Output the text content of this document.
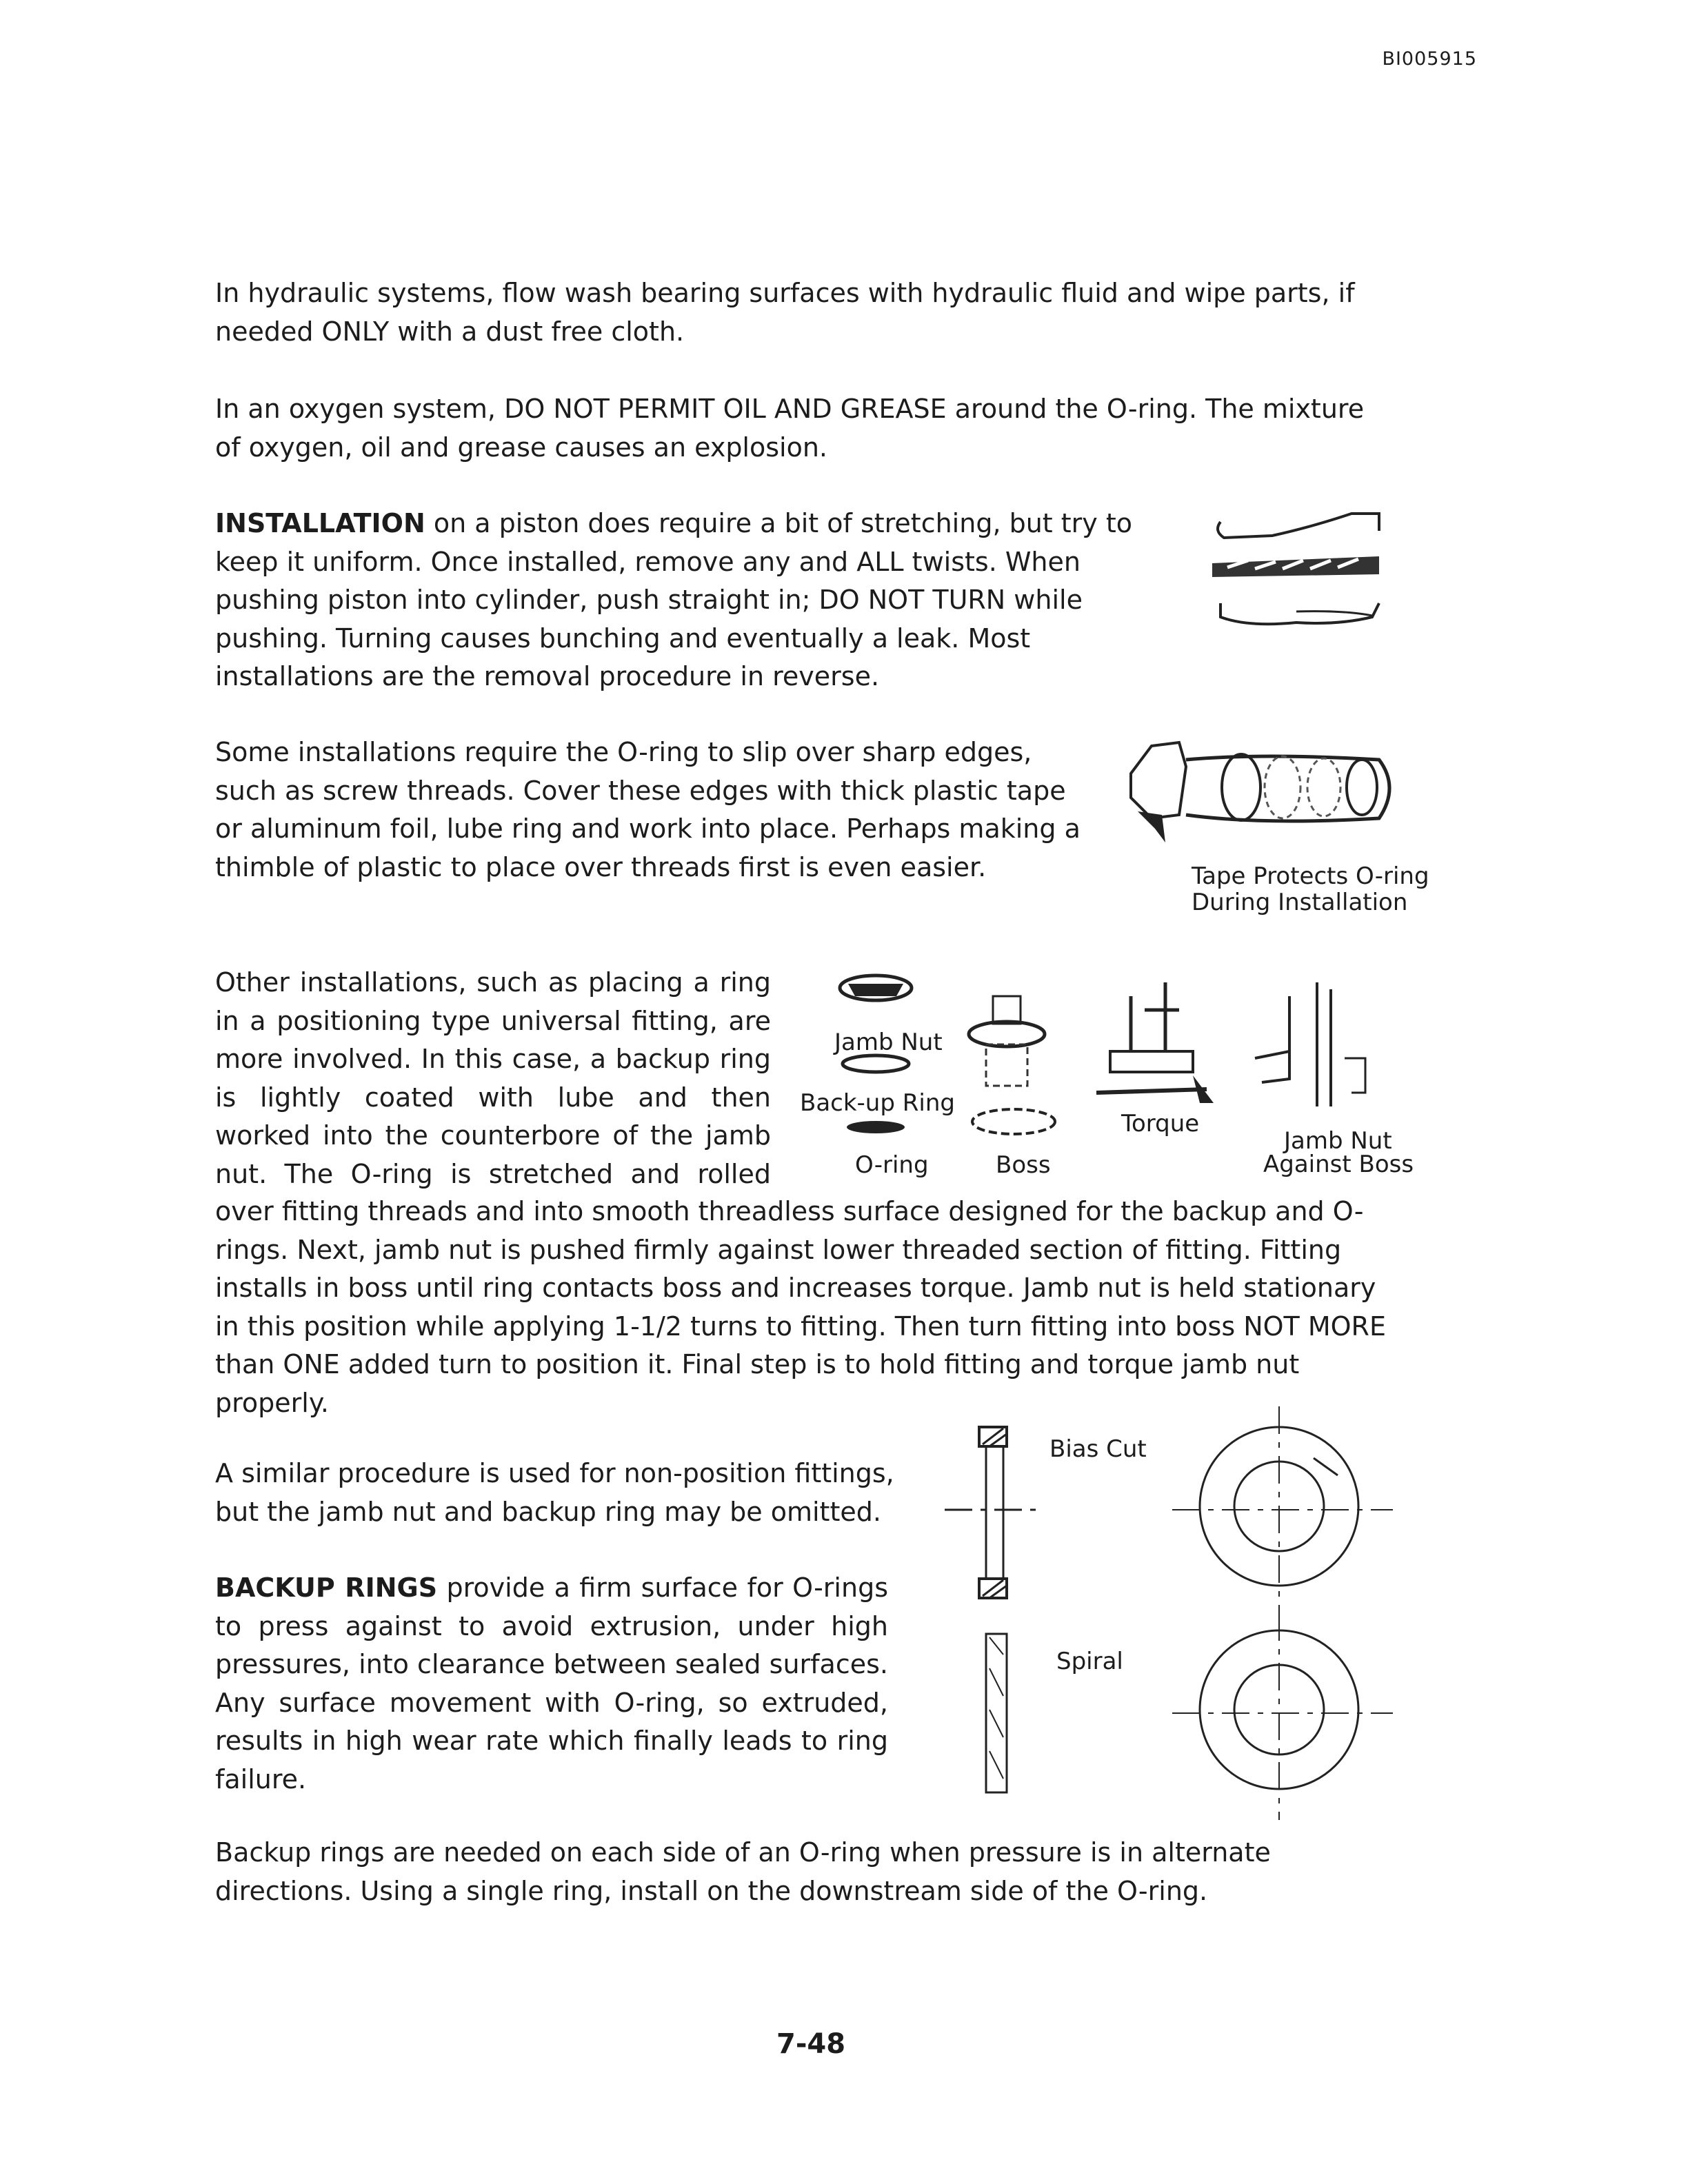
BI005915

In hydraulic systems, flow wash bearing surfaces with hydraulic fluid and wipe parts, if needed ONLY with a dust free cloth.

In an oxygen system, DO NOT PERMIT OIL AND GREASE around the O-ring. The mixture of oxygen, oil and grease causes an explosion.

INSTALLATION on a piston does require a bit of stretching, but try to keep it uniform. Once installed, remove any and ALL twists. When pushing piston into cylinder, push straight in; DO NOT TURN while pushing. Turning causes bunching and eventually a leak. Most installations are the removal procedure in reverse.

Some installations require the O-ring to slip over sharp edges, such as screw threads. Cover these edges with thick plastic tape or aluminum foil, lube ring and work into place. Perhaps making a thimble of plastic to place over threads first is even easier.	Tape Protects O-ring
During Installation

Other installations, such as placing a ring in a positioning type universal fitting, are more involved. In this case, a backup ring is lightly coated with lube and then worked into the counterbore of the jamb nut. The O-ring is stretched and rolled

Jamb Nut
Back-up Ring
O-ring	Boss
Torque
Jamb Nut
Against Boss

over fitting threads and into smooth threadless surface designed for the backup and O-rings. Next, jamb nut is pushed firmly against lower threaded section of fitting. Fitting installs in boss until ring contacts boss and increases torque. Jamb nut is held stationary in this position while applying 1-1/2 turns to fitting. Then turn fitting into boss NOT MORE than ONE added turn to position it. Final step is to hold fitting and torque jamb nut properly.

A similar procedure is used for non-position fittings, but the jamb nut and backup ring may be omitted.

BACKUP RINGS provide a firm surface for O-rings to press against to avoid extrusion, under high pressures, into clearance between sealed surfaces. Any surface movement with O-ring, so extruded, results in high wear rate which finally leads to ring failure.

Bias Cut
Spiral

Backup rings are needed on each side of an O-ring when pressure is in alternate directions. Using a single ring, install on the downstream side of the O-ring.

7-48
